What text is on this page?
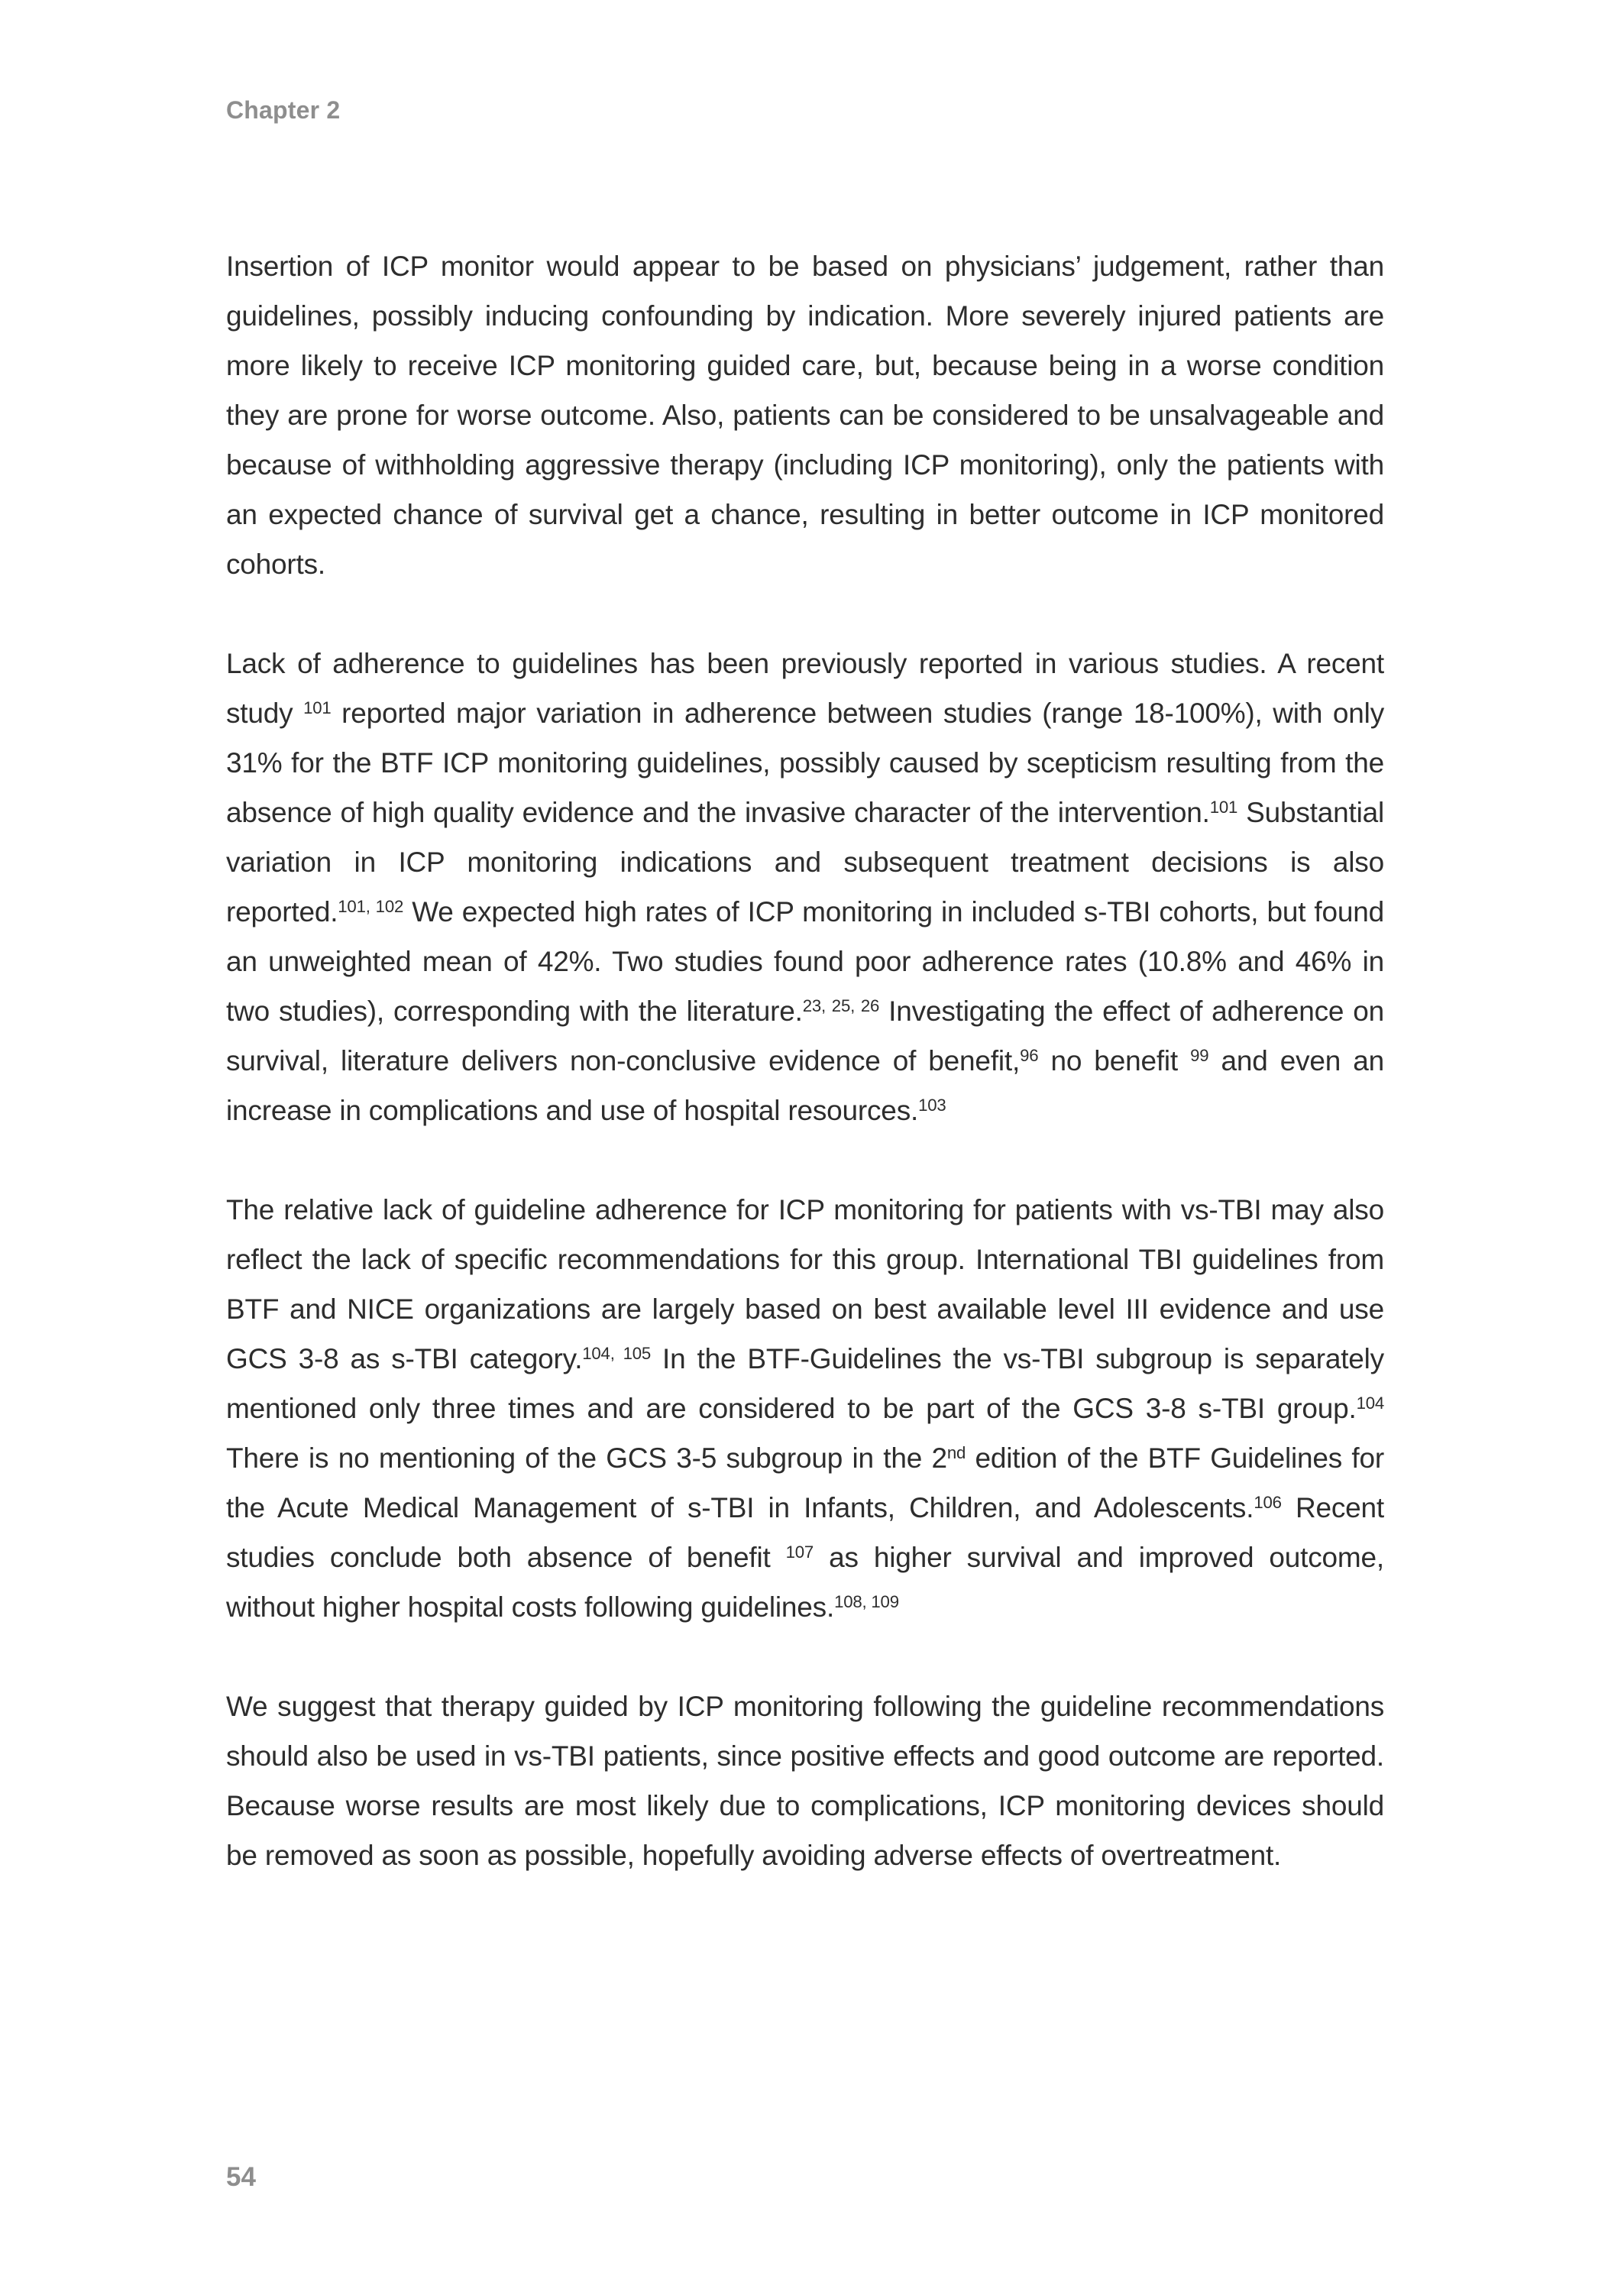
Chapter 2

Insertion of ICP monitor would appear to be based on physicians’ judgement, rather than guidelines, possibly inducing confounding by indication. More severely injured patients are more likely to receive ICP monitoring guided care, but, because being in a worse condition they are prone for worse outcome. Also, patients can be considered to be unsalvageable and because of withholding aggressive therapy (including ICP monitoring), only the patients with an expected chance of survival get a chance, resulting in better outcome in ICP monitored cohorts.

Lack of adherence to guidelines has been previously reported in various studies. A recent study $^{101}$ reported major variation in adherence between studies (range 18-100%), with only 31% for the BTF ICP monitoring guidelines, possibly caused by scepticism resulting from the absence of high quality evidence and the invasive character of the intervention.$^{101}$ Substantial variation in ICP monitoring indications and subsequent treatment decisions is also reported.$^{101, 102}$ We expected high rates of ICP monitoring in included s-TBI cohorts, but found an unweighted mean of 42%. Two studies found poor adherence rates (10.8% and 46% in two studies), corresponding with the literature.$^{23, 25, 26}$ Investigating the effect of adherence on survival, literature delivers non-conclusive evidence of benefit,$^{96}$ no benefit $^{99}$ and even an increase in complications and use of hospital resources.$^{103}$

The relative lack of guideline adherence for ICP monitoring for patients with vs-TBI may also reflect the lack of specific recommendations for this group. International TBI guidelines from BTF and NICE organizations are largely based on best available level III evidence and use GCS 3-8 as s-TBI category.$^{104, 105}$ In the BTF-Guidelines the vs-TBI subgroup is separately mentioned only three times and are considered to be part of the GCS 3-8 s-TBI group.$^{104}$ There is no mentioning of the GCS 3-5 subgroup in the 2nd edition of the BTF Guidelines for the Acute Medical Management of s-TBI in Infants, Children, and Adolescents.$^{106}$ Recent studies conclude both absence of benefit $^{107}$ as higher survival and improved outcome, without higher hospital costs following guidelines.$^{108, 109}$

We suggest that therapy guided by ICP monitoring following the guideline recommendations should also be used in vs-TBI patients, since positive effects and good outcome are reported. Because worse results are most likely due to complications, ICP monitoring devices should be removed as soon as possible, hopefully avoiding adverse effects of overtreatment.

54
